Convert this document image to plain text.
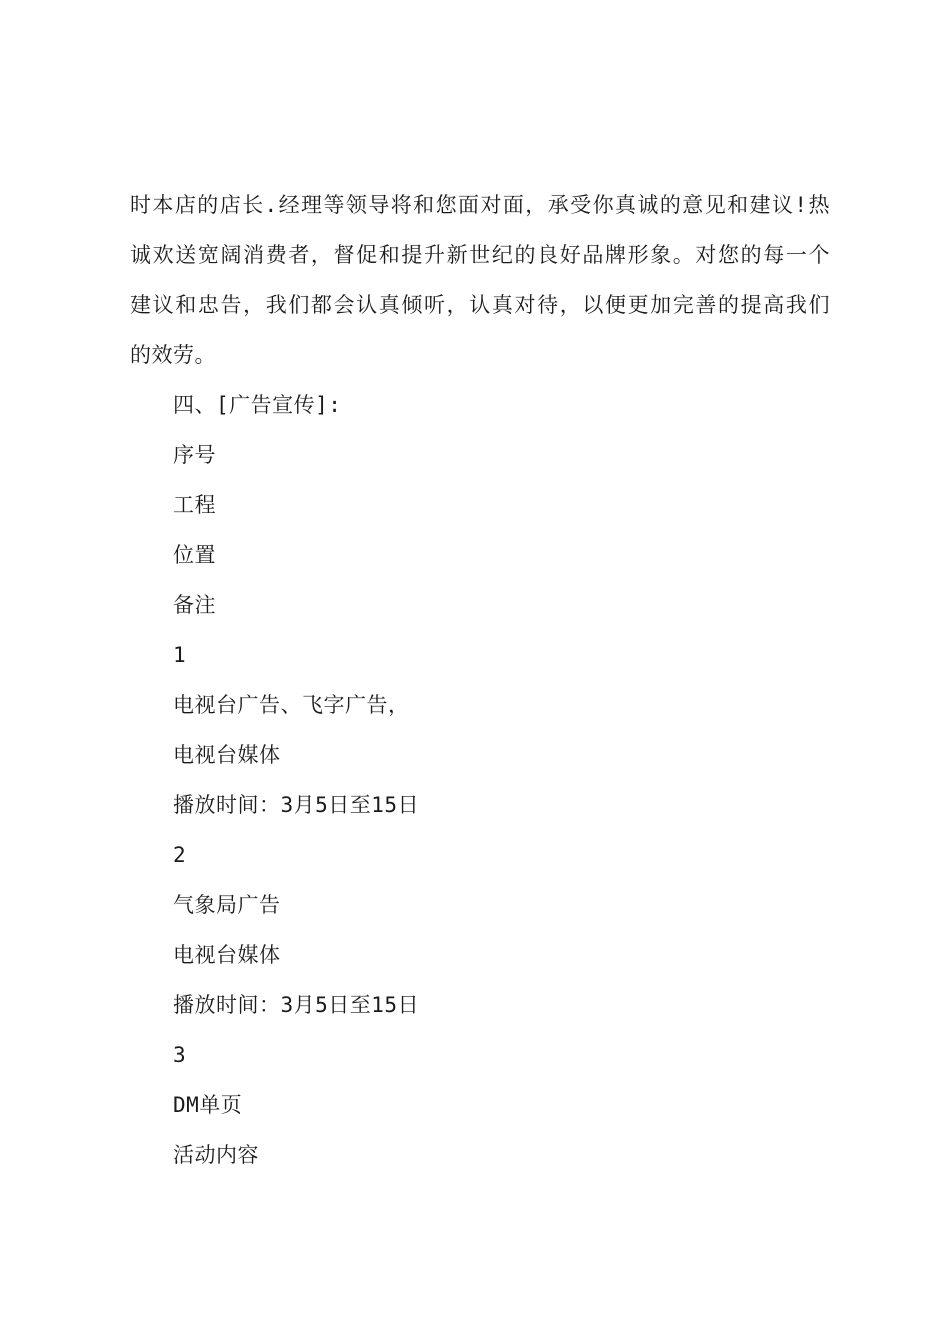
时本店的店长.经理等领导将和您面对面，承受你真诚的意见和建议!热
诚欢送宽阔消费者，督促和提升新世纪的良好品牌形象。对您的每一个
建议和忠告，我们都会认真倾听，认真对待，以便更加完善的提高我们
的效劳。
四、[广告宣传]:
序号
工程
位置
备注
1
电视台广告、飞字广告，
电视台媒体
播放时间：3月5日至15日
2
气象局广告
电视台媒体
播放时间：3月5日至15日
3
DM单页
活动内容
